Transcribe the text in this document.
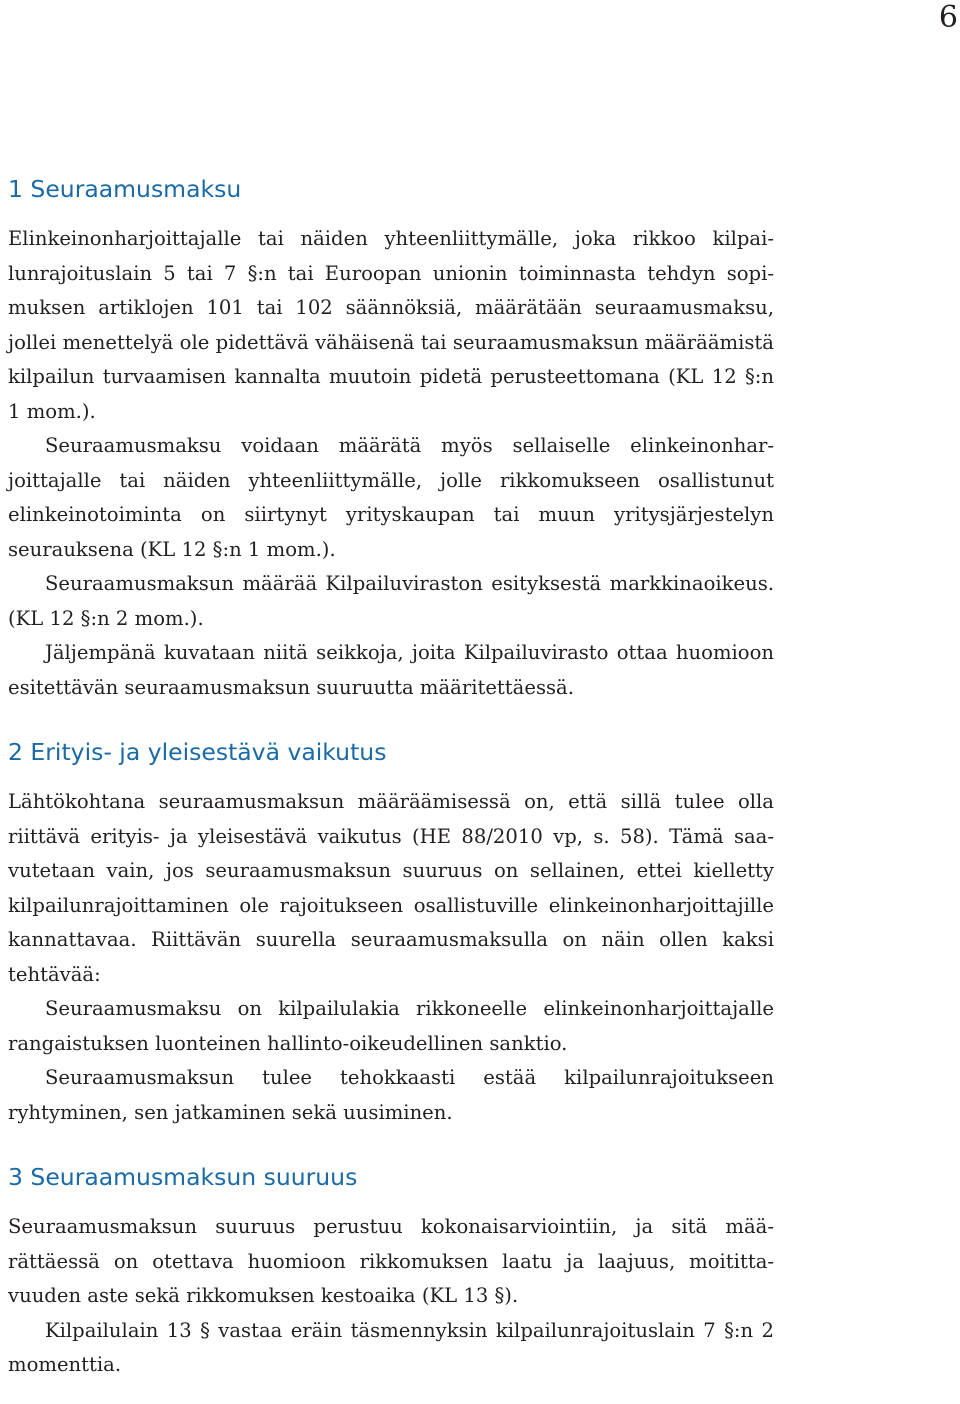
6
1 Seuraamusmaksu

Elinkeinonharjoittajalle tai näiden yhteenliittymälle, joka rikkoo kilpailunrajoituslain 5 tai 7 §:n tai Euroopan unionin toiminnasta tehdyn sopimuksen artiklojen 101 tai 102 säännöksiä, määrätään seuraamusmaksu, jollei menettelyä ole pidettävä vähäisenä tai seuraamusmaksun määräämistä kilpailun turvaamisen kannalta muutoin pidetä perusteettomana (KL 12 §:n 1 mom.).

Seuraamusmaksu voidaan määrätä myös sellaiselle elinkeinonharjoittajalle tai näiden yhteenliittymälle, jolle rikkomukseen osallistunut elinkeinotoiminta on siirtynyt yrityskaupan tai muun yritysjärjestelyn seurauksena (KL 12 §:n 1 mom.).

Seuraamusmaksun määrää Kilpailuviraston esityksestä markkinaoikeus. (KL 12 §:n 2 mom.).

Jäljempänä kuvataan niitä seikkoja, joita Kilpailuvirasto ottaa huomioon esitettävän seuraamusmaksun suuruutta määritettäessä.

2 Erityis- ja yleisestävä vaikutus

Lähtökohtana seuraamusmaksun määräämisessä on, että sillä tulee olla riittävä erityis- ja yleisestävä vaikutus (HE 88/2010 vp, s. 58). Tämä saavutetaan vain, jos seuraamusmaksun suuruus on sellainen, ettei kielletty kilpailunrajoittaminen ole rajoitukseen osallistuville elinkeinonharjoittajille kannattavaa. Riittävän suurella seuraamusmaksulla on näin ollen kaksi tehtävää:

Seuraamusmaksu on kilpailulakia rikkoneelle elinkeinonharjoittajalle rangaistuksen luonteinen hallinto-oikeudellinen sanktio.

Seuraamusmaksun tulee tehokkaasti estää kilpailunrajoitukseen ryhtyminen, sen jatkaminen sekä uusiminen.

3 Seuraamusmaksun suuruus

Seuraamusmaksun suuruus perustuu kokonaisarviointiin, ja sitä määrättäessä on otettava huomioon rikkomuksen laatu ja laajuus, moitittavuuden aste sekä rikkomuksen kestoaika (KL 13 §).

Kilpailulain 13 § vastaa eräin täsmennyksin kilpailunrajoituslain 7 §:n 2 momenttia.
